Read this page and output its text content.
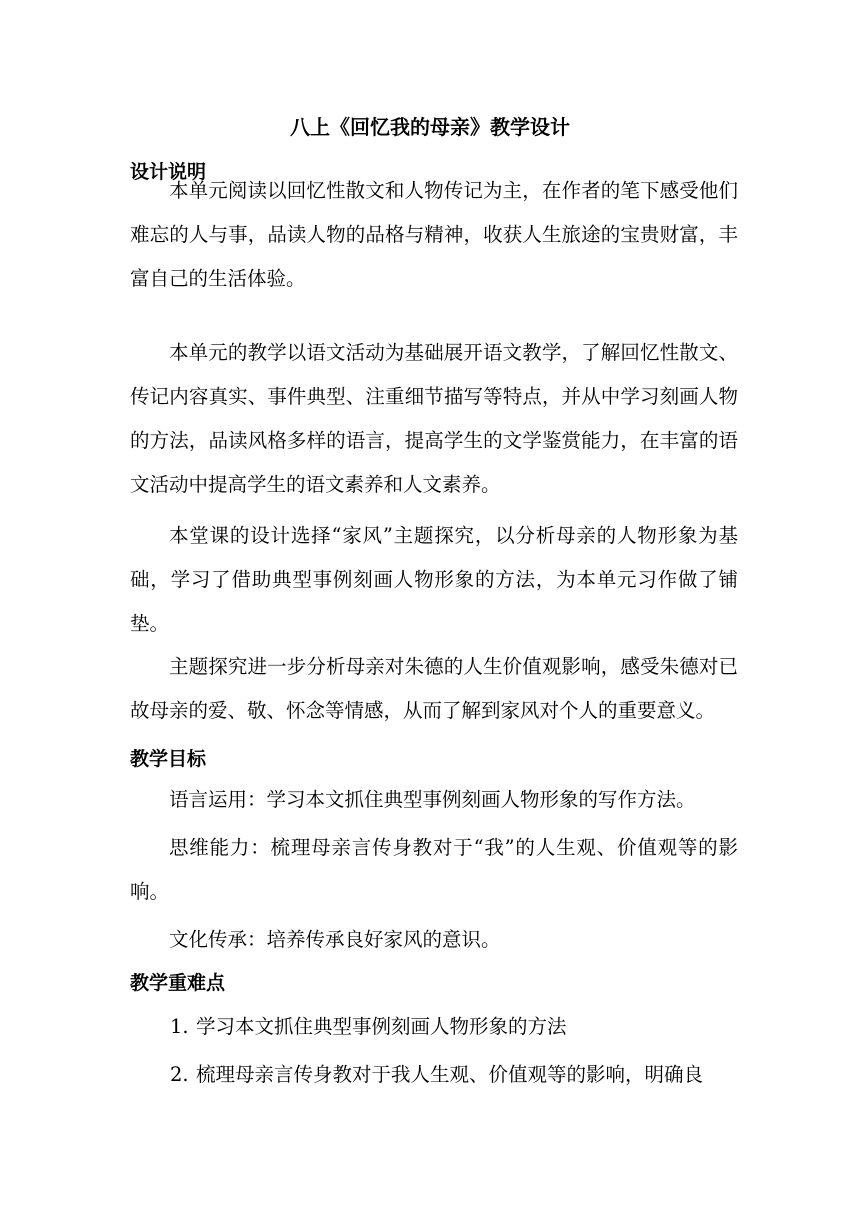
八上《回忆我的母亲》教学设计
设计说明

本单元阅读以回忆性散文和人物传记为主，在作者的笔下感受他们难忘的人与事，品读人物的品格与精神，收获人生旅途的宝贵财富，丰富自己的生活体验。

本单元的教学以语文活动为基础展开语文教学，了解回忆性散文、传记内容真实、事件典型、注重细节描写等特点，并从中学习刻画人物的方法，品读风格多样的语言，提高学生的文学鉴赏能力，在丰富的语文活动中提高学生的语文素养和人文素养。

本堂课的设计选择“家风”主题探究，以分析母亲的人物形象为基础，学习了借助典型事例刻画人物形象的方法，为本单元习作做了铺垫。

主题探究进一步分析母亲对朱德的人生价值观影响，感受朱德对已故母亲的爱、敬、怀念等情感，从而了解到家风对个人的重要意义。

教学目标

语言运用：学习本文抓住典型事例刻画人物形象的写作方法。

思维能力：梳理母亲言传身教对于“我”的人生观、价值观等的影响。

文化传承：培养传承良好家风的意识。

教学重难点

1. 学习本文抓住典型事例刻画人物形象的方法

2. 梳理母亲言传身教对于我人生观、价值观等的影响，明确良
